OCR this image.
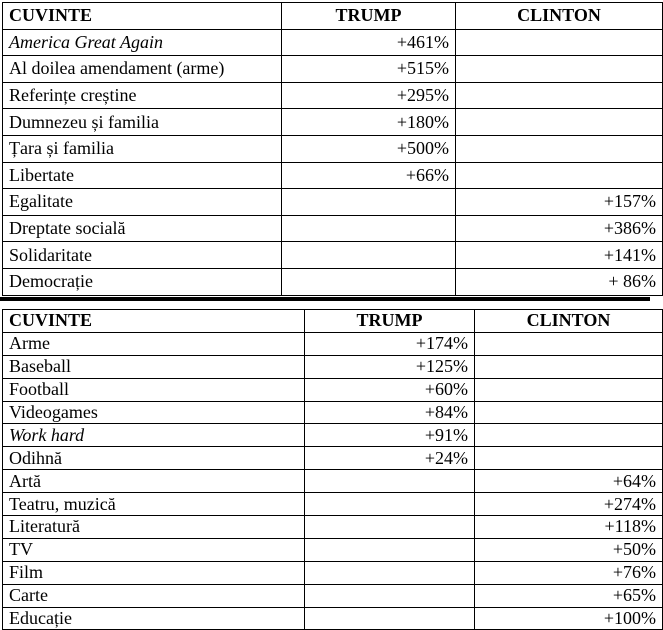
CUVINTE	TRUMP	CLINTON
America Great Again	+461%	
Al doilea amendament (arme)	+515%	
Referințe creștine	+295%	
Dumnezeu și familia	+180%	
Țara și familia	+500%	
Libertate	+66%	
Egalitate		+157%
Dreptate socială		+386%
Solidaritate		+141%
Democrație		+ 86%
CUVINTE	TRUMP	CLINTON
Arme	+174%	
Baseball	+125%	
Football	+60%	
Videogames	+84%	
Work hard	+91%	
Odihnă	+24%	
Artă		+64%
Teatru, muzică		+274%
Literatură		+118%
TV		+50%
Film		+76%
Carte		+65%
Educație		+100%
